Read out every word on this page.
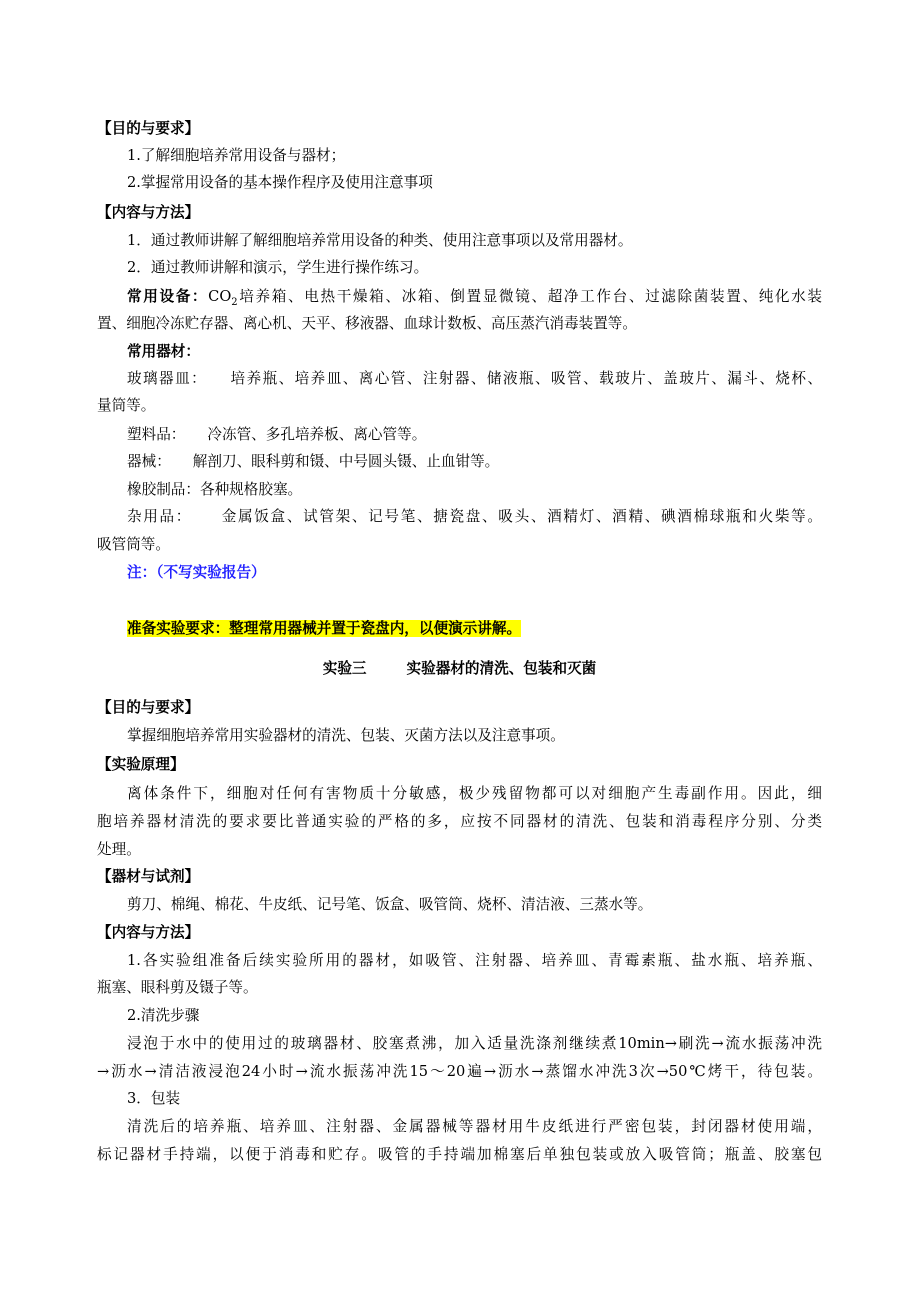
【目的与要求】
1.了解细胞培养常用设备与器材；
2.掌握常用设备的基本操作程序及使用注意事项
【内容与方法】
1．通过教师讲解了解细胞培养常用设备的种类、使用注意事项以及常用器材。
2．通过教师讲解和演示，学生进行操作练习。
常用设备：$CO_2$培养箱、电热干燥箱、冰箱、倒置显微镜、超净工作台、过滤除菌装置、纯化水装
置、细胞冷冻贮存器、离心机、天平、移液器、血球计数板、高压蒸汽消毒装置等。
常用器材：
玻璃器皿： 培养瓶、培养皿、离心管、注射器、储液瓶、吸管、载玻片、盖玻片、漏斗、烧杯、
量筒等。
塑料品： 冷冻管、多孔培养板、离心管等。
器械： 解剖刀、眼科剪和镊、中号圆头镊、止血钳等。
橡胶制品：各种规格胶塞。
杂用品： 金属饭盒、试管架、记号笔、搪瓷盘、吸头、酒精灯、酒精、碘酒棉球瓶和火柴等。
吸管筒等。
注：（不写实验报告）
准备实验要求：整理常用器械并置于瓷盘内，以便演示讲解。
实验三	实验器材的清洗、包装和灭菌
【目的与要求】
掌握细胞培养常用实验器材的清洗、包装、灭菌方法以及注意事项。
【实验原理】
离体条件下，细胞对任何有害物质十分敏感，极少残留物都可以对细胞产生毒副作用。因此，细
胞培养器材清洗的要求要比普通实验的严格的多，应按不同器材的清洗、包装和消毒程序分别、分类
处理。
【器材与试剂】
剪刀、棉绳、棉花、牛皮纸、记号笔、饭盒、吸管筒、烧杯、清洁液、三蒸水等。
【内容与方法】
1.各实验组准备后续实验所用的器材，如吸管、注射器、培养皿、青霉素瓶、盐水瓶、培养瓶、
瓶塞、眼科剪及镊子等。
2.清洗步骤
浸泡于水中的使用过的玻璃器材、胶塞煮沸，加入适量洗涤剂继续煮10min→刷洗→流水振荡冲洗
→沥水→清洁液浸泡24小时→流水振荡冲洗15～20遍→沥水→蒸馏水冲洗3次→50℃烤干，待包装。
3．包装
清洗后的培养瓶、培养皿、注射器、金属器械等器材用牛皮纸进行严密包装，封闭器材使用端，
标记器材手持端，以便于消毒和贮存。吸管的手持端加棉塞后单独包装或放入吸管筒；瓶盖、胶塞包
